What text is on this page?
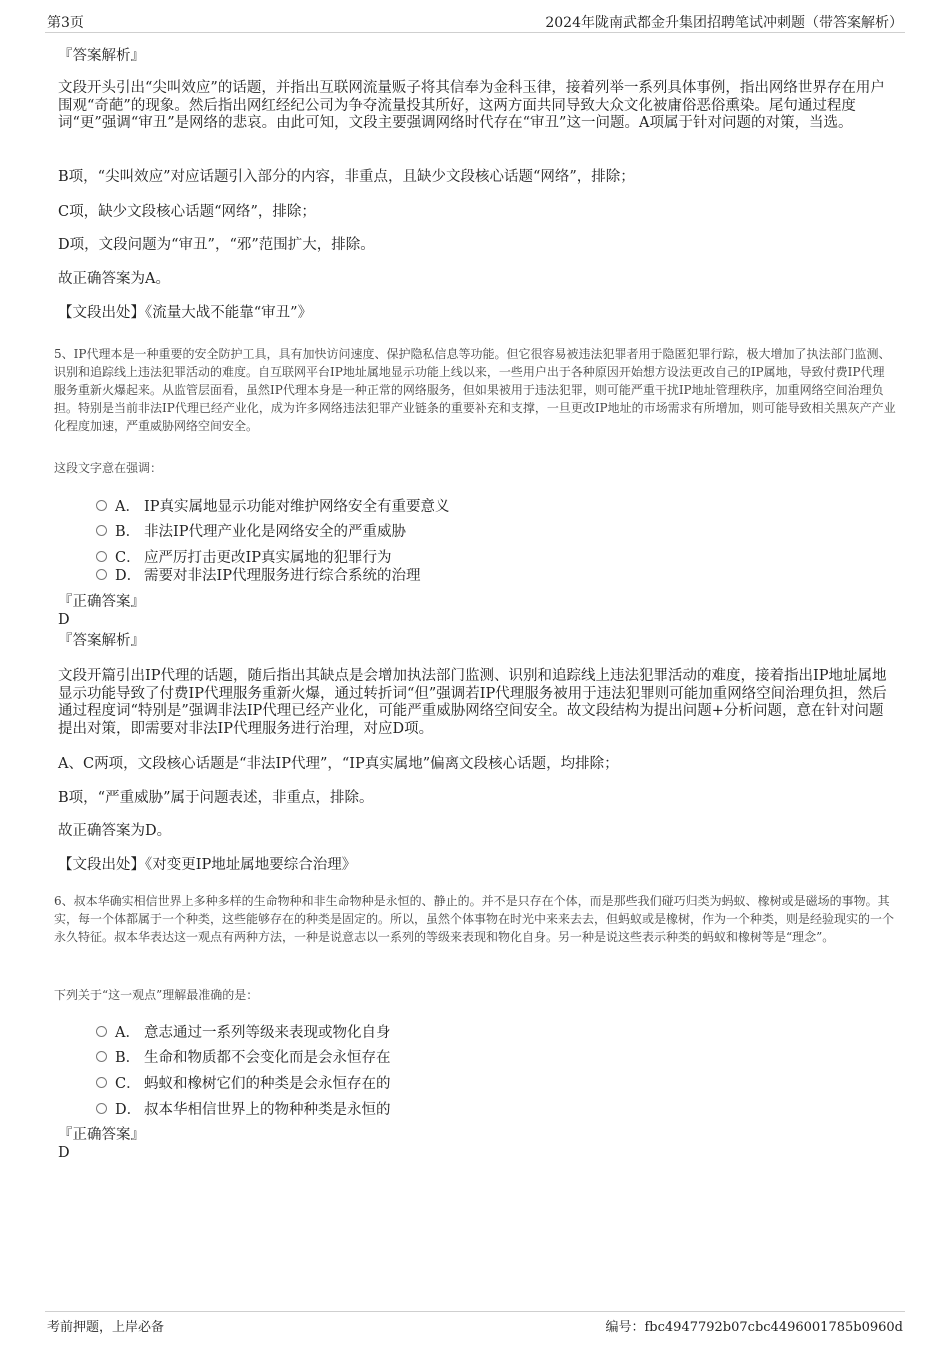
第3页	2024年陇南武都金升集团招聘笔试冲刺题（带答案解析）
『答案解析』
文段开头引出“尖叫效应”的话题，并指出互联网流量贩子将其信奉为金科玉律，接着列举一系列具体事例，指出网络世界存在用户围观“奇葩”的现象。然后指出网红经纪公司为争夺流量投其所好，这两方面共同导致大众文化被庸俗恶俗熏染。尾句通过程度词“更”强调“审丑”是网络的悲哀。由此可知，文段主要强调网络时代存在“审丑”这一问题。A项属于针对问题的对策，当选。
B项，“尖叫效应”对应话题引入部分的内容，非重点，且缺少文段核心话题“网络”，排除；
C项，缺少文段核心话题“网络”，排除；
D项，文段问题为“审丑”，“邪”范围扩大，排除。
故正确答案为A。
【文段出处】《流量大战不能靠“审丑”》
5、IP代理本是一种重要的安全防护工具，具有加快访问速度、保护隐私信息等功能。但它很容易被违法犯罪者用于隐匿犯罪行踪，极大增加了执法部门监测、识别和追踪线上违法犯罪活动的难度。自互联网平台IP地址属地显示功能上线以来，一些用户出于各种原因开始想方设法更改自己的IP属地，导致付费IP代理服务重新火爆起来。从监管层面看，虽然IP代理本身是一种正常的网络服务，但如果被用于违法犯罪，则可能严重干扰IP地址管理秩序，加重网络空间治理负担。特别是当前非法IP代理已经产业化，成为许多网络违法犯罪产业链条的重要补充和支撑，一旦更改IP地址的市场需求有所增加，则可能导致相关黑灰产产业化程度加速，严重威胁网络空间安全。
这段文字意在强调：
A． IP真实属地显示功能对维护网络安全有重要意义
B． 非法IP代理产业化是网络安全的严重威胁
C． 应严厉打击更改IP真实属地的犯罪行为
D． 需要对非法IP代理服务进行综合系统的治理
『正确答案』
D
『答案解析』
文段开篇引出IP代理的话题，随后指出其缺点是会增加执法部门监测、识别和追踪线上违法犯罪活动的难度，接着指出IP地址属地显示功能导致了付费IP代理服务重新火爆，通过转折词“但”强调若IP代理服务被用于违法犯罪则可能加重网络空间治理负担，然后通过程度词“特别是”强调非法IP代理已经产业化，可能严重威胁网络空间安全。故文段结构为提出问题+分析问题，意在针对问题提出对策，即需要对非法IP代理服务进行治理，对应D项。
A、C两项，文段核心话题是“非法IP代理”，“IP真实属地”偏离文段核心话题，均排除；
B项，“严重威胁”属于问题表述，非重点，排除。
故正确答案为D。
【文段出处】《对变更IP地址属地要综合治理》
6、叔本华确实相信世界上多种多样的生命物种和非生命物种是永恒的、静止的。并不是只存在个体，而是那些我们碰巧归类为蚂蚁、橡树或是磁场的事物。其实，每一个体都属于一个种类，这些能够存在的种类是固定的。所以，虽然个体事物在时光中来来去去，但蚂蚁或是橡树，作为一个种类，则是经验现实的一个永久特征。叔本华表达这一观点有两种方法，一种是说意志以一系列的等级来表现和物化自身。另一种是说这些表示种类的蚂蚁和橡树等是“理念”。
下列关于“这一观点”理解最准确的是：
A． 意志通过一系列等级来表现或物化自身
B． 生命和物质都不会变化而是会永恒存在
C． 蚂蚁和橡树它们的种类是会永恒存在的
D． 叔本华相信世界上的物种种类是永恒的
『正确答案』
D
考前押题，上岸必备	编号：fbc4947792b07cbc4496001785b0960d
